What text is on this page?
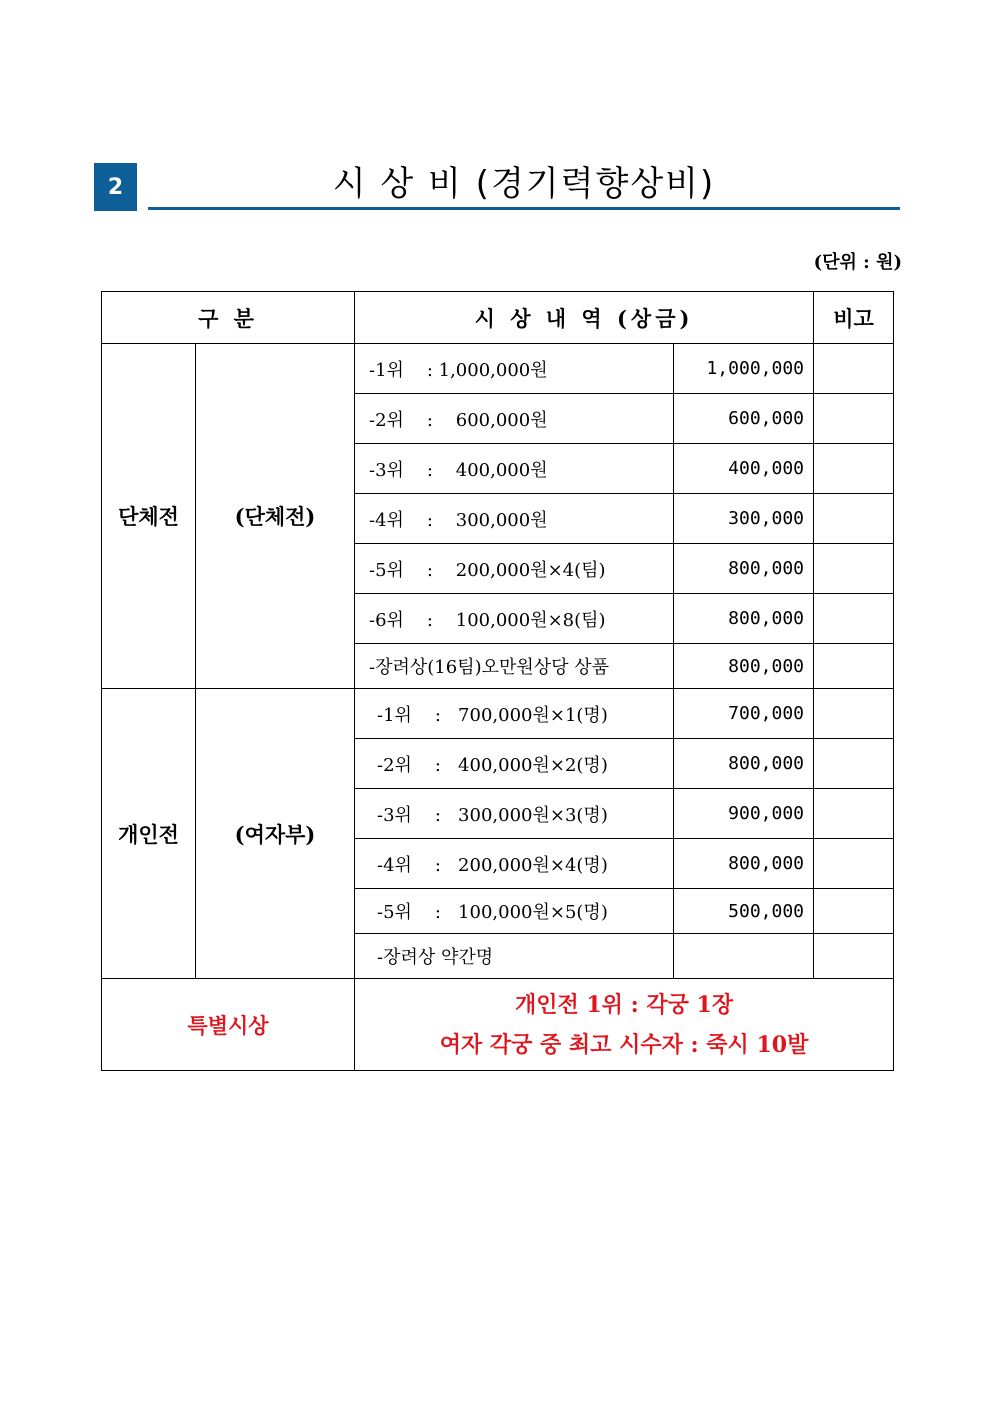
2	시 상 비 (경기력향상비)
(단위 : 원)
구 분		시 상 내 역 (상금)		비고
단체전	(단체전)	-1위    : 1,000,000원	1,000,000	
		-2위    :    600,000원	600,000	
		-3위    :    400,000원	400,000	
		-4위    :    300,000원	300,000	
		-5위    :    200,000원×4(팀)	800,000	
		-6위    :    100,000원×8(팀)	800,000	
		-장려상(16팀)오만원상당 상품	800,000	
개인전	(여자부)	-1위    :   700,000원×1(명)	700,000	
		-2위    :   400,000원×2(명)	800,000	
		-3위    :   300,000원×3(명)	900,000	
		-4위    :   200,000원×4(명)	800,000	
		-5위    :   100,000원×5(명)	500,000	
		-장려상 약간명		
특별시상		개인전 1위 : 각궁 1장
여자 각궁 중 최고 시수자 : 죽시 10발		
